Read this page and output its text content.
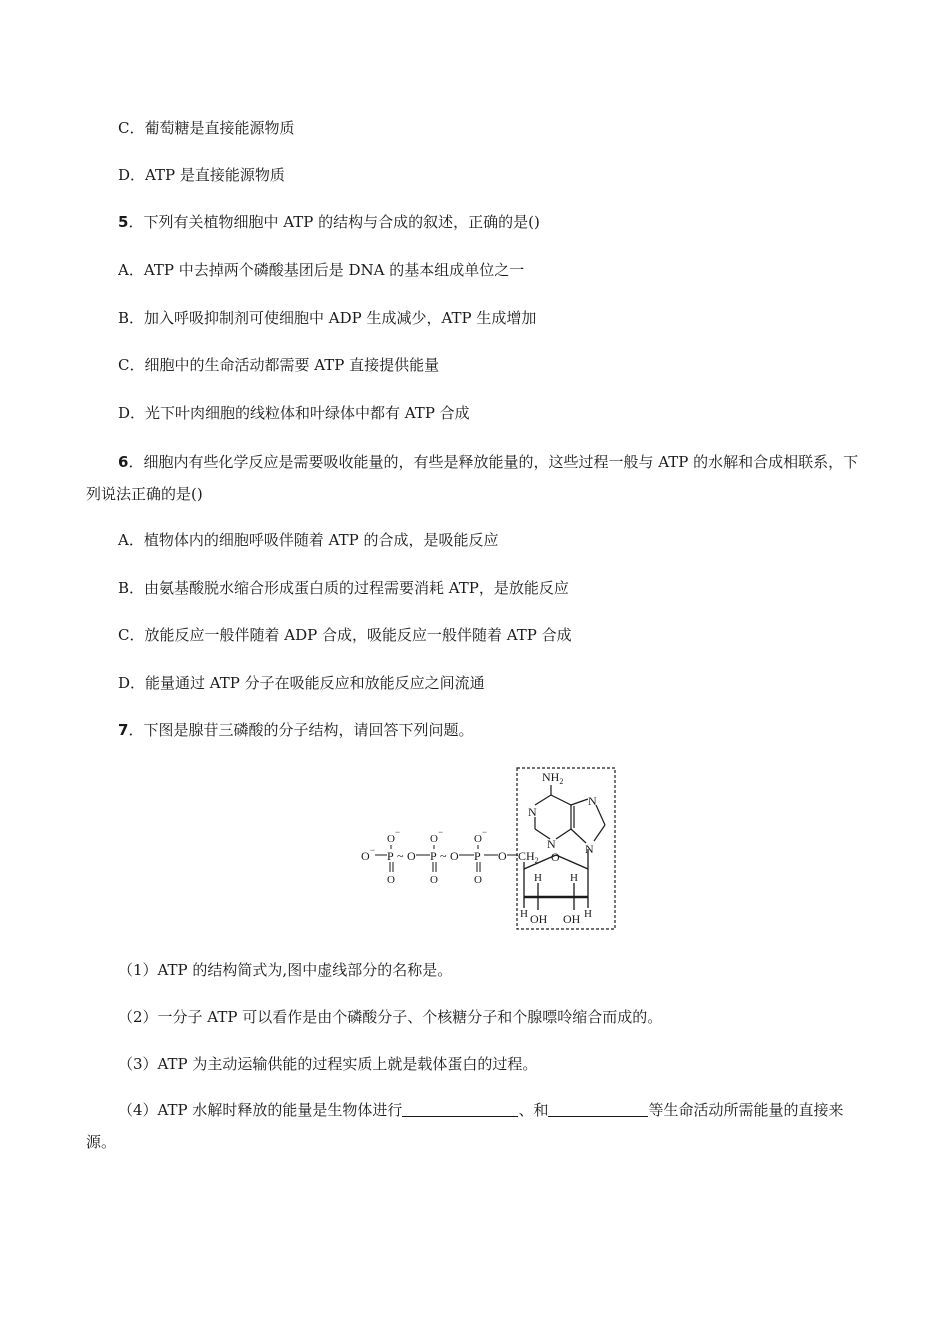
C．葡萄糖是直接能源物质
D．ATP 是直接能源物质
5．下列有关植物细胞中 ATP 的结构与合成的叙述，正确的是()
A．ATP 中去掉两个磷酸基团后是 DNA 的基本组成单位之一
B．加入呼吸抑制剂可使细胞中 ADP 生成减少，ATP 生成增加
C．细胞中的生命活动都需要 ATP 直接提供能量
D．光下叶肉细胞的线粒体和叶绿体中都有 ATP 合成
6．细胞内有些化学反应是需要吸收能量的，有些是释放能量的，这些过程一般与 ATP 的水解和合成相联系，下列说法正确的是()
A．植物体内的细胞呼吸伴随着 ATP 的合成，是吸能反应
B．由氨基酸脱水缩合形成蛋白质的过程需要消耗 ATP，是放能反应
C．放能反应一般伴随着 ADP 合成，吸能反应一般伴随着 ATP 合成
D．能量通过 ATP 分子在吸能反应和放能反应之间流通
7．下图是腺苷三磷酸的分子结构，请回答下列问题。
O − P
O
−
O
~ O P
O
−
O
~ O P
O
−
O
O $CH_2$ O
H	H
H	H
OH OH
$NH_2$
N
N
N
N
（1）ATP 的结构简式为,图中虚线部分的名称是。
（2）一分子 ATP 可以看作是由个磷酸分子、个核糖分子和个腺嘌呤缩合而成的。
（3）ATP 为主动运输供能的过程实质上就是载体蛋白的过程。
（4）ATP 水解时释放的能量是生物体进行	、和	等生命活动所需能量的直接来源。
